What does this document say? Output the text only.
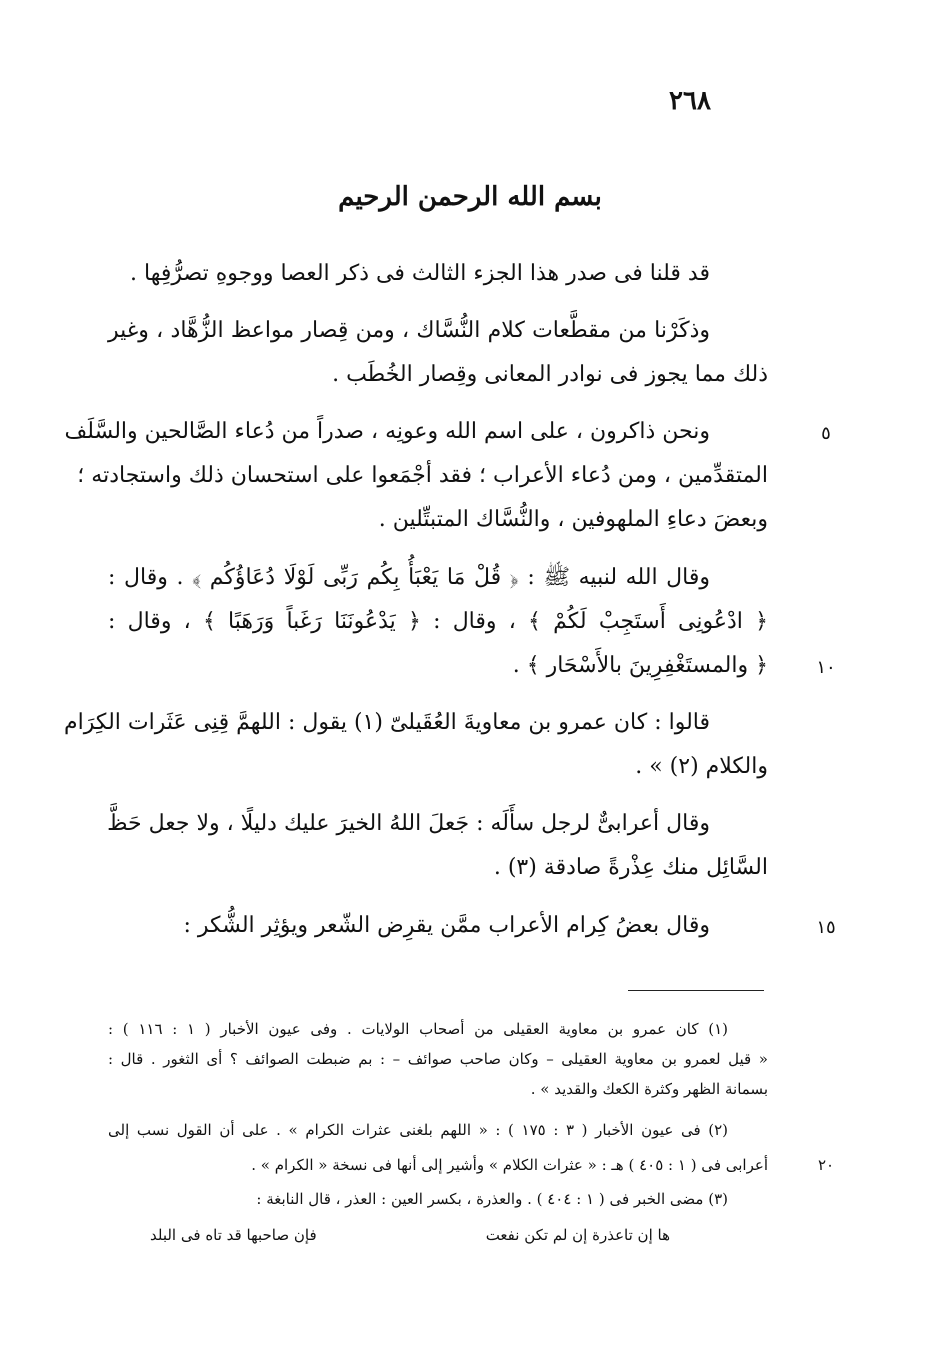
٢٦٨
بسم الله الرحمن الرحيم
قد قلنا فى صدر هذا الجزء الثالث فى ذكر العصا ووجوهِ تصرُّفِها .
وذكَرْنا من مقطَّعات كلام النُّسَّاك ، ومن قِصار مواعظ الزُّهَّاد ، وغير
ذلك مما يجوز فى نوادر المعانى وقِصار الخُطَب .
٥
ونحن ذاكرون ، على اسم الله وعونِه ، صدراً من دُعاء الصَّالحين والسَّلَف
المتقدِّمين ، ومن دُعاء الأعراب ؛ فقد أجْمَعوا على استحسان ذلك واستجادته ؛
وبعضَ دعاءِ الملهوفين ، والنُّسَّاك المتبتِّلين .
وقال الله لنبيه ﷺ : ﴿ قُلْ مَا يَعْبَأُ بِكُم رَبِّى لَوْلَا دُعَاؤُكُم ﴾ . وقال :
﴿ ادْعُونِى أَستَجِبْ لَكُمْ ﴾ ، وقال : ﴿ يَدْعُونَنَا رَغَباً وَرَهَبًا ﴾ ، وقال :
١٠
﴿ والمستَغْفِرِينَ بالأَسْحَار ﴾ .
قالوا : كان عمرو بن معاويةَ العُقَيلىّ (١) يقول : اللهمَّ قِنِى عَثَرات الكِرَام
والكلام (٢) » .
وقال أعرابىٌّ لرجل سأَلَه : جَعلَ اللهُ الخيرَ عليك دليلًا ، ولا جعل حَظَّ
السَّائِل منك عِذْرةً صادقة (٣) .
١٥
وقال بعضُ كِرام الأعراب ممَّن يقرِض الشّعر ويؤثِر الشُّكر :
(١) كان عمرو بن معاوية العقيلى من أصحاب الولايات . وفى عيون الأخبار ( ١ : ١١٦ ) :
« قيل لعمرو بن معاوية العقيلى – وكان صاحب صوائف – : بم ضبطت الصوائف ؟ أى الثغور . قال :
بسمانة الظهر وكثرة الكعك والقديد » .
(٢) فى عيون الأخبار ( ٣ : ١٧٥ ) : « اللهم بلغنى عثرات الكرام » . على أن القول نسب إلى
٢٠
أعرابى فى ( ١ : ٤٠٥ ) هـ : « عثرات الكلام » وأشير إلى أنها فى نسخة « الكرام » .
(٣) مضى الخبر فى ( ١ : ٤٠٤ ) . والعذرة ، بكسر العين : العذر ، قال النابغة :
ها إن تاعذرة إن لم تكن نفعت
فإن صاحبها قد تاه فى البلد
